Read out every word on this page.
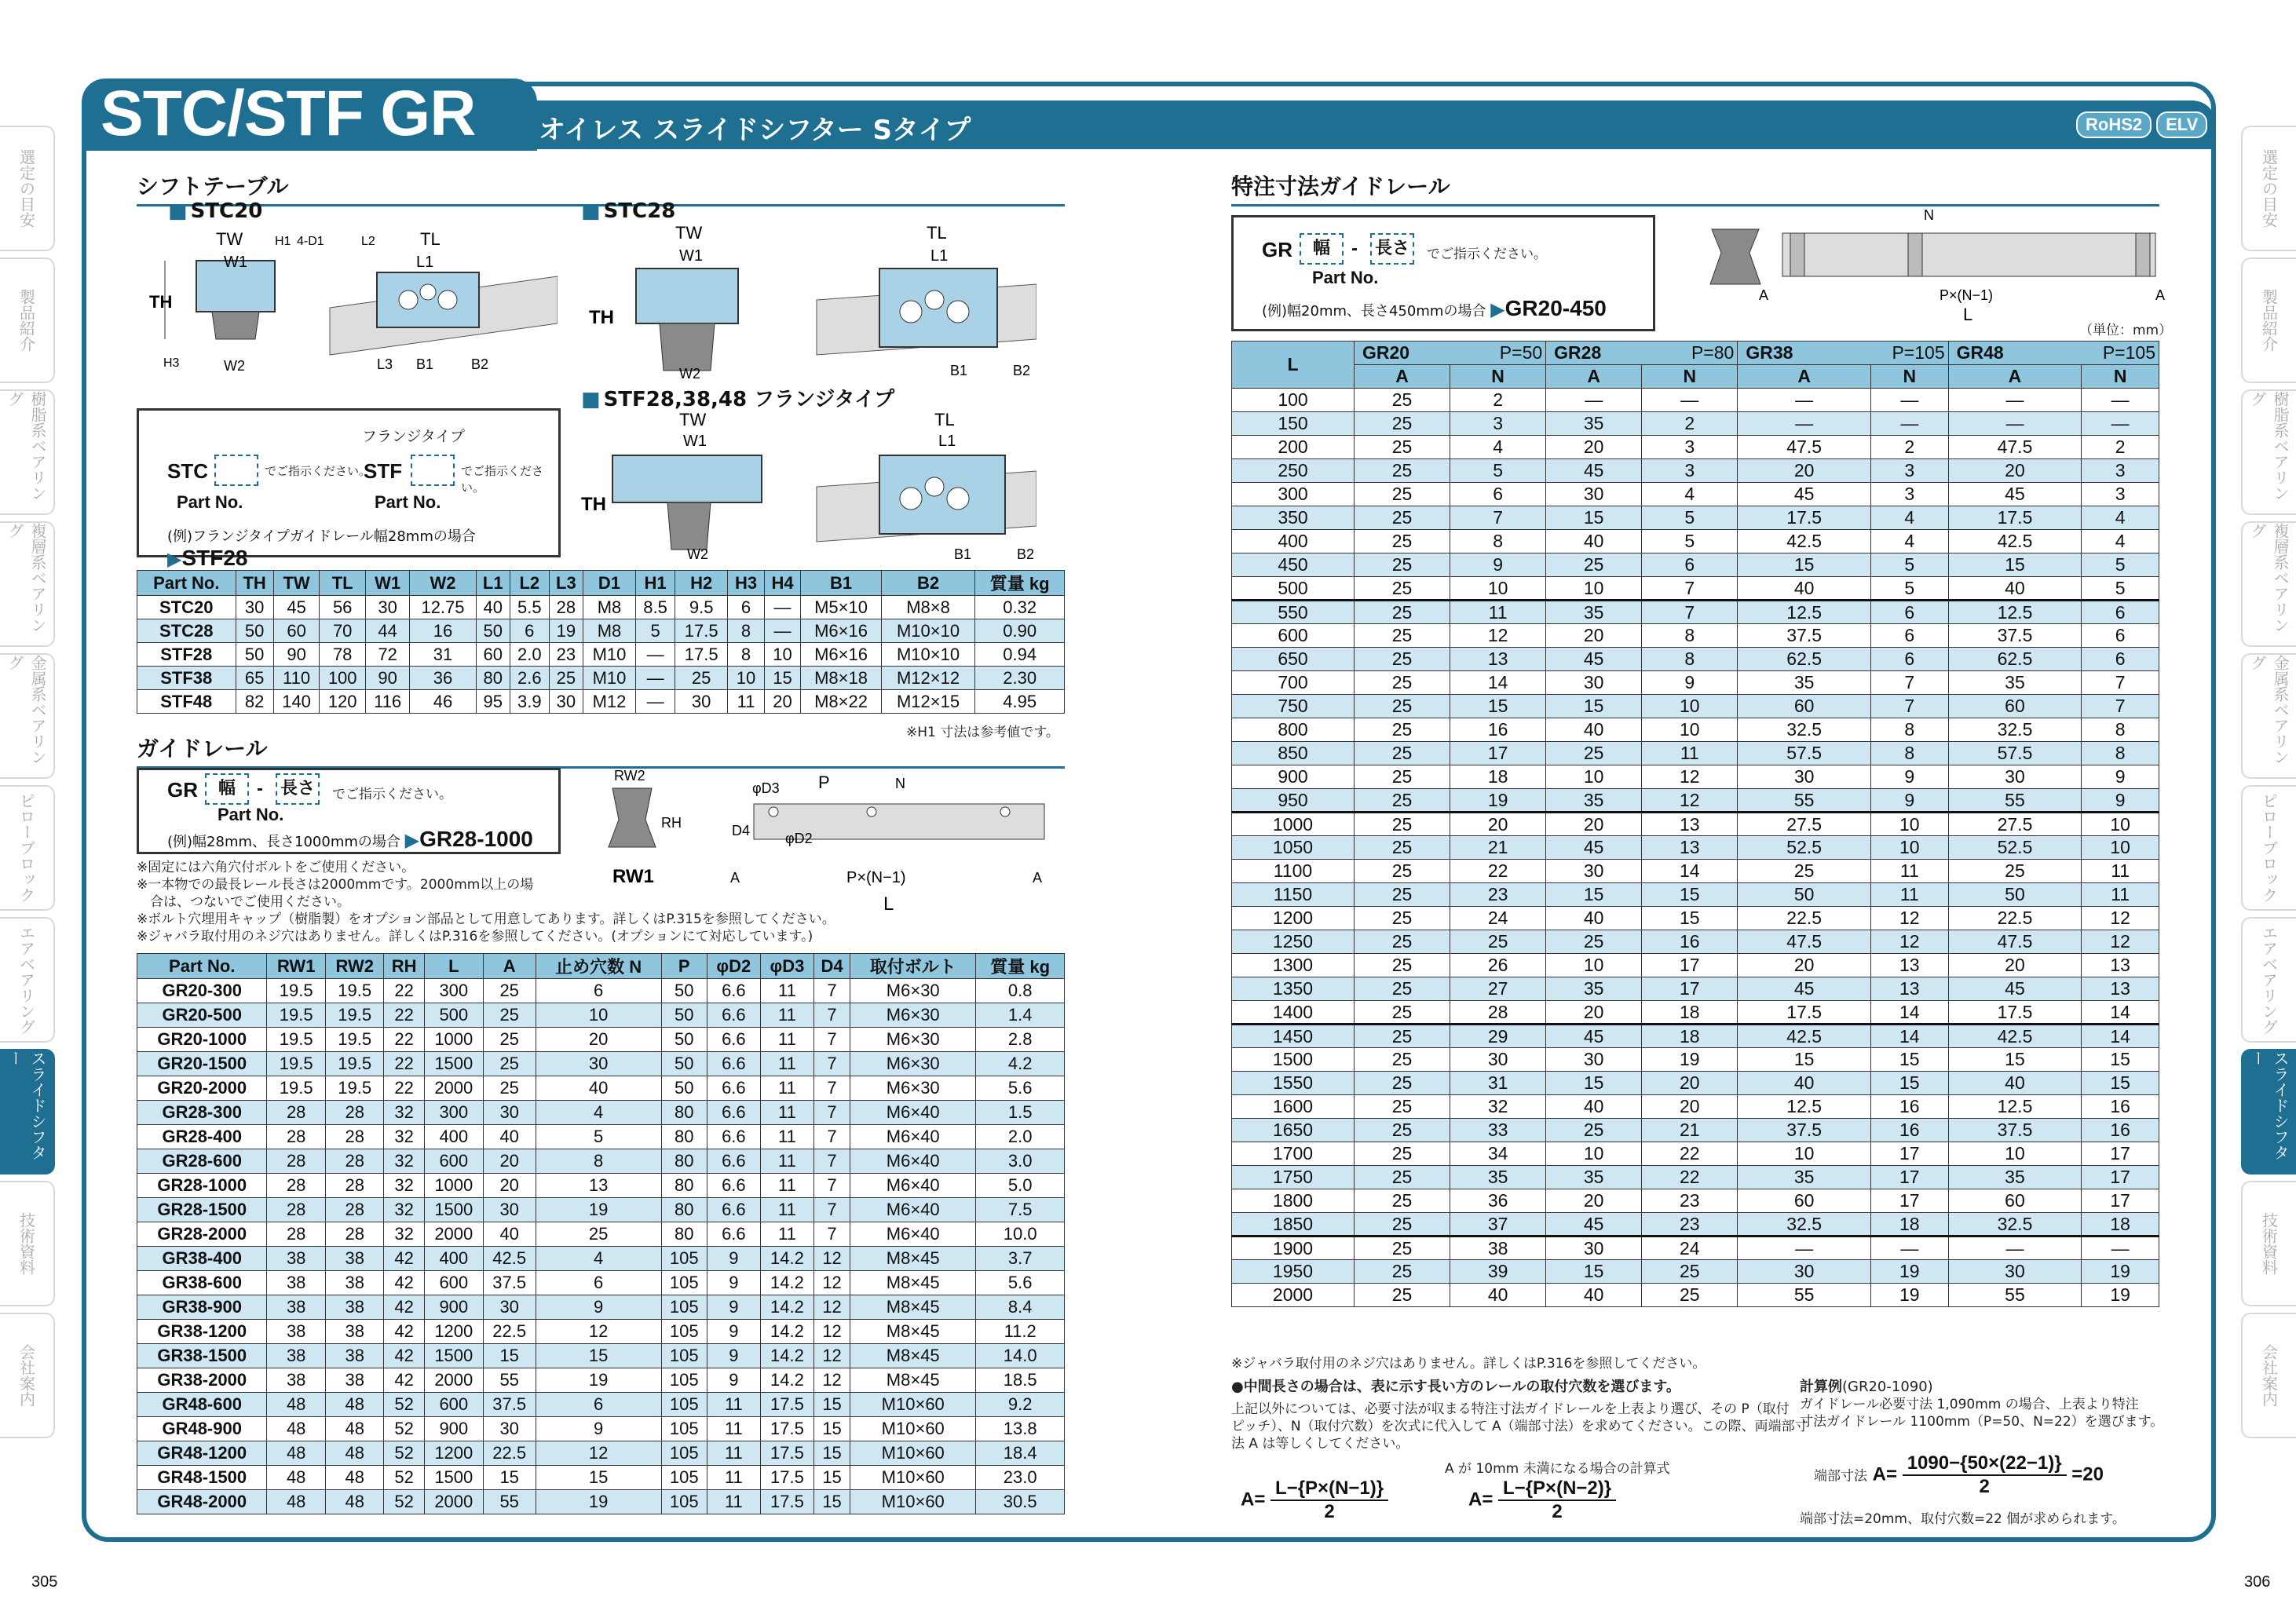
STC/STF GR オイレス スライドシフター Sタイプ	RoHS2	ELV
選定の目安
製品紹介
樹脂系ベアリング
複層系ベアリング
金属系ベアリング
ピローブロック
エアベアリング
スライドシフター
技術資料
会社案内
選定の目安
製品紹介
樹脂系ベアリング
複層系ベアリング
金属系ベアリング
ピローブロック
エアベアリング
スライドシフター
技術資料
会社案内
305	306
シフトテーブル
■ STC20	■ STC28
■ STF28,38,48 フランジタイプ
TH
TW
W1
H1 4-D1
W2
H3
TL
L1
L2
B1	B2
L3
TH
TW
W1
W2
TL
L1
B1	B2
TH
TW
W1
W2
TL
L1
B1	B2
フランジタイプ
STC	でご指示ください。
STF	でご指示ください。
Part No.	Part No.
(例)フランジタイプガイドレール幅28mmの場合 ▶STF28
Part No.	TH	TW	TL	W1	W2	L1	L2	L3	D1	H1	H2	H3	H4	B1	B2	質量 kg
STC20	30	45	56	30	12.75	40	5.5	28	M8	8.5	9.5	6	—	M5×10	M8×8	0.32
STC28	50	60	70	44	16	50	6	19	M8	5	17.5	8	—	M6×16	M10×10	0.90
STF28	50	90	78	72	31	60	2.0	23	M10	—	17.5	8	10	M6×16	M10×10	0.94
STF38	65	110	100	90	36	80	2.6	25	M10	—	25	10	15	M8×18	M12×12	2.30
STF48	82	140	120	116	46	95	3.9	30	M12	—	30	11	20	M8×22	M12×15	4.95
※H1 寸法は参考値です。
ガイドレール
GR	幅	- 長さ	でご指示ください。
Part No.
(例)幅28mm、長さ1000mmの場合 ▶GR28-1000
RW2
RH
RW1
φD3 P	N
φD2
D4
A	P×(N−1)	A
L
※固定には六角穴付ボルトをご使用ください。
※一本物での最長レール長さは2000mmです。2000mm以上の場
　合は、つないでご使用ください。
※ボルト穴埋用キャップ（樹脂製）をオプション部品として用意してあります。詳しくはP.315を参照してください。
※ジャバラ取付用のネジ穴はありません。詳しくはP.316を参照してください。(オプションにて対応しています。)
Part No.	RW1	RW2	RH	L	A	止め穴数 N	P	φD2	φD3	D4	取付ボルト	質量 kg
GR20-300	19.5	19.5	22	300	25	6	50	6.6	11	7	M6×30	0.8
GR20-500	19.5	19.5	22	500	25	10	50	6.6	11	7	M6×30	1.4
GR20-1000	19.5	19.5	22	1000	25	20	50	6.6	11	7	M6×30	2.8
GR20-1500	19.5	19.5	22	1500	25	30	50	6.6	11	7	M6×30	4.2
GR20-2000	19.5	19.5	22	2000	25	40	50	6.6	11	7	M6×30	5.6
GR28-300	28	28	32	300	30	4	80	6.6	11	7	M6×40	1.5
GR28-400	28	28	32	400	40	5	80	6.6	11	7	M6×40	2.0
GR28-600	28	28	32	600	20	8	80	6.6	11	7	M6×40	3.0
GR28-1000	28	28	32	1000	20	13	80	6.6	11	7	M6×40	5.0
GR28-1500	28	28	32	1500	30	19	80	6.6	11	7	M6×40	7.5
GR28-2000	28	28	32	2000	40	25	80	6.6	11	7	M6×40	10.0
GR38-400	38	38	42	400	42.5	4	105	9	14.2	12	M8×45	3.7
GR38-600	38	38	42	600	37.5	6	105	9	14.2	12	M8×45	5.6
GR38-900	38	38	42	900	30	9	105	9	14.2	12	M8×45	8.4
GR38-1200	38	38	42	1200	22.5	12	105	9	14.2	12	M8×45	11.2
GR38-1500	38	38	42	1500	15	15	105	9	14.2	12	M8×45	14.0
GR38-2000	38	38	42	2000	55	19	105	9	14.2	12	M8×45	18.5
GR48-600	48	48	52	600	37.5	6	105	11	17.5	15	M10×60	9.2
GR48-900	48	48	52	900	30	9	105	11	17.5	15	M10×60	13.8
GR48-1200	48	48	52	1200	22.5	12	105	11	17.5	15	M10×60	18.4
GR48-1500	48	48	52	1500	15	15	105	11	17.5	15	M10×60	23.0
GR48-2000	48	48	52	2000	55	19	105	11	17.5	15	M10×60	30.5
特注寸法ガイドレール
GR	幅	- 長さ	でご指示ください。
Part No.
(例)幅20mm、長さ450mmの場合 ▶GR20-450
N
A	P×(N−1)	A
L
（単位：mm）
L	GR20 P=50		GR28 P=80		GR38 P=105		GR48 P=105	

	A	N	A	N	A	N	A	N
100	25	2	—	—	—	—	—	—
150	25	3	35	2	—	—	—	—
200	25	4	20	3	47.5	2	47.5	2
250	25	5	45	3	20	3	20	3
300	25	6	30	4	45	3	45	3
350	25	7	15	5	17.5	4	17.5	4
400	25	8	40	5	42.5	4	42.5	4
450	25	9	25	6	15	5	15	5
500	25	10	10	7	40	5	40	5
550	25	11	35	7	12.5	6	12.5	6
600	25	12	20	8	37.5	6	37.5	6
650	25	13	45	8	62.5	6	62.5	6
700	25	14	30	9	35	7	35	7
750	25	15	15	10	60	7	60	7
800	25	16	40	10	32.5	8	32.5	8
850	25	17	25	11	57.5	8	57.5	8
900	25	18	10	12	30	9	30	9
950	25	19	35	12	55	9	55	9
1000	25	20	20	13	27.5	10	27.5	10
1050	25	21	45	13	52.5	10	52.5	10
1100	25	22	30	14	25	11	25	11
1150	25	23	15	15	50	11	50	11
1200	25	24	40	15	22.5	12	22.5	12
1250	25	25	25	16	47.5	12	47.5	12
1300	25	26	10	17	20	13	20	13
1350	25	27	35	17	45	13	45	13
1400	25	28	20	18	17.5	14	17.5	14
1450	25	29	45	18	42.5	14	42.5	14
1500	25	30	30	19	15	15	15	15
1550	25	31	15	20	40	15	40	15
1600	25	32	40	20	12.5	16	12.5	16
1650	25	33	25	21	37.5	16	37.5	16
1700	25	34	10	22	10	17	10	17
1750	25	35	35	22	35	17	35	17
1800	25	36	20	23	60	17	60	17
1850	25	37	45	23	32.5	18	32.5	18
1900	25	38	30	24	—	—	—	—
1950	25	39	15	25	30	19	30	19
2000	25	40	40	25	55	19	55	19
※ジャバラ取付用のネジ穴はありません。詳しくはP.316を参照してください。
●中間長さの場合は、表に示す長い方のレールの取付穴数を選びます。
上記以外については、必要寸法が収まる特注寸法ガイドレールを上表より選び、その P（取付
ピッチ）、N（取付穴数）を次式に代入して A（端部寸法）を求めてください。この際、両端部寸
法 A は等しくしてください。
A が 10mm 未満になる場合の計算式
$A= \frac{L-\{P\times(N-1)\}}{2}$	$A= \frac{L-\{P\times(N-2)\}}{2}$
計算例(GR20-1090)
ガイドレール必要寸法 1,090mm の場合、上表より特注
寸法ガイドレール 1100mm（P=50、N=22）を選びます。
端部寸法 $A= \frac{1090-\{50\times(22-1)\}}{2} =20$
端部寸法=20mm、取付穴数=22 個が求められます。
